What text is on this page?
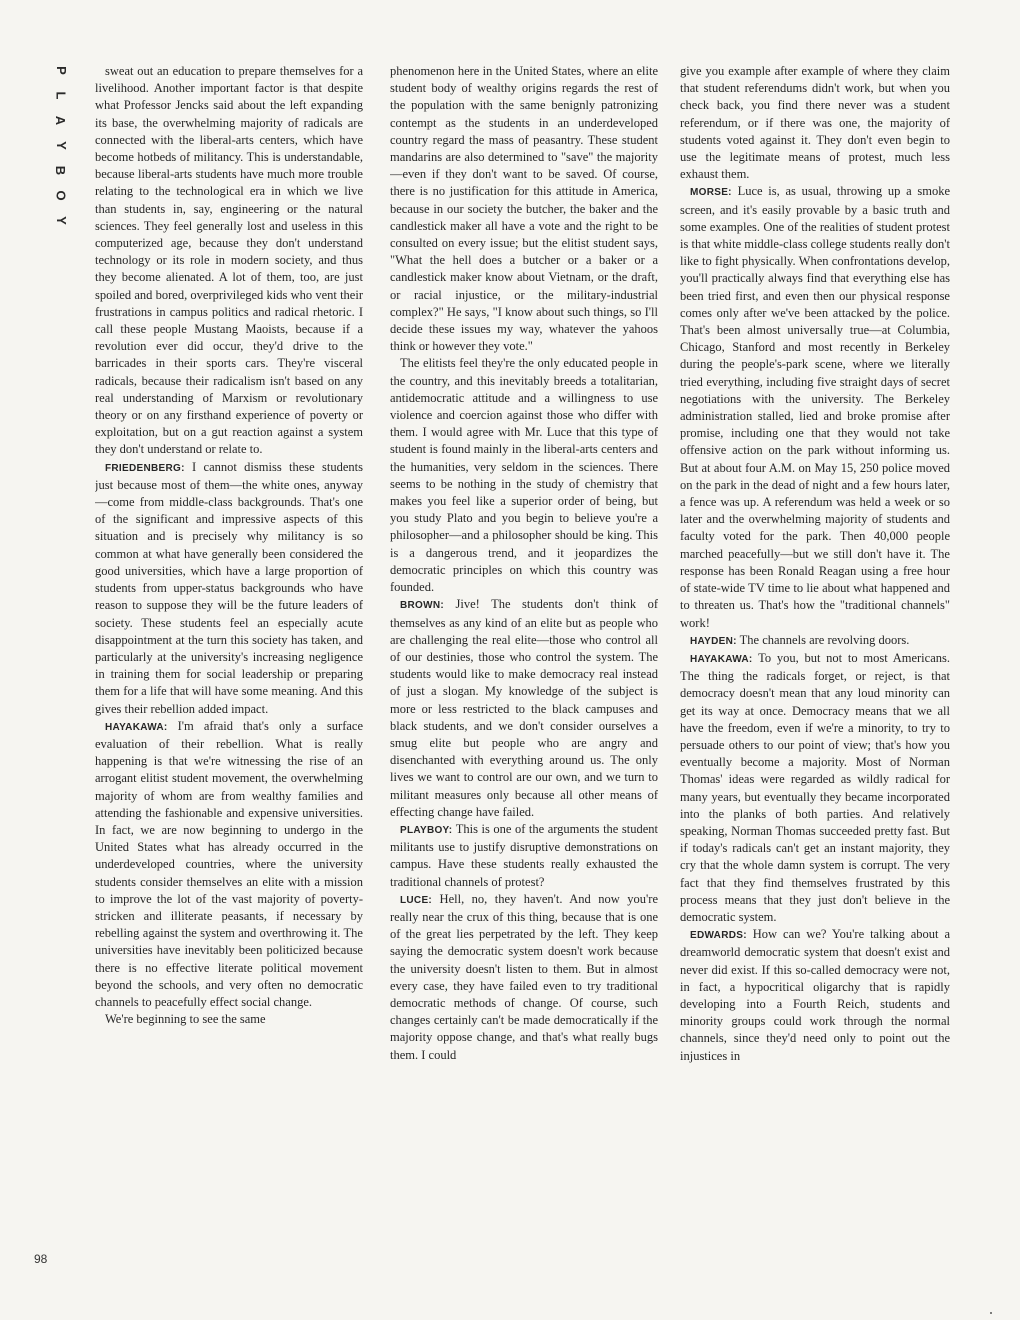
P
L
A
Y
B
O
Y
98

sweat out an education to prepare themselves for a livelihood. Another important factor is that despite what Professor Jencks said about the left expanding its base, the overwhelming majority of radicals are connected with the liberal-arts centers, which have become hotbeds of militancy. This is understandable, because liberal-arts students have much more trouble relating to the technological era in which we live than students in, say, engineering or the natural sciences. They feel generally lost and useless in this computerized age, because they don't understand technology or its role in modern society, and thus they become alienated. A lot of them, too, are just spoiled and bored, overprivileged kids who vent their frustrations in campus politics and radical rhetoric. I call these people Mustang Maoists, because if a revolution ever did occur, they'd drive to the barricades in their sports cars. They're visceral radicals, because their radicalism isn't based on any real understanding of Marxism or revolutionary theory or on any firsthand experience of poverty or exploitation, but on a gut reaction against a system they don't understand or relate to.

FRIEDENBERG: I cannot dismiss these students just because most of them—the white ones, anyway—come from middle-class backgrounds. That's one of the significant and impressive aspects of this situation and is precisely why militancy is so common at what have generally been considered the good universities, which have a large proportion of students from upper-status backgrounds who have reason to suppose they will be the future leaders of society. These students feel an especially acute disappointment at the turn this society has taken, and particularly at the university's increasing negligence in training them for social leadership or preparing them for a life that will have some meaning. And this gives their rebellion added impact.

HAYAKAWA: I'm afraid that's only a surface evaluation of their rebellion. What is really happening is that we're witnessing the rise of an arrogant elitist student movement, the overwhelming majority of whom are from wealthy families and attending the fashionable and expensive universities. In fact, we are now beginning to undergo in the United States what has already occurred in the underdeveloped countries, where the university students consider themselves an elite with a mission to improve the lot of the vast majority of poverty-stricken and illiterate peasants, if necessary by rebelling against the system and overthrowing it. The universities have inevitably been politicized because there is no effective literate political movement beyond the schools, and very often no democratic channels to peacefully effect social change.

We're beginning to see the same

phenomenon here in the United States, where an elite student body of wealthy origins regards the rest of the population with the same benignly patronizing contempt as the students in an underdeveloped country regard the mass of peasantry. These student mandarins are also determined to "save" the majority—even if they don't want to be saved. Of course, there is no justification for this attitude in America, because in our society the butcher, the baker and the candlestick maker all have a vote and the right to be consulted on every issue; but the elitist student says, "What the hell does a butcher or a baker or a candlestick maker know about Vietnam, or the draft, or racial injustice, or the military-industrial complex?" He says, "I know about such things, so I'll decide these issues my way, whatever the yahoos think or however they vote."

The elitists feel they're the only educated people in the country, and this inevitably breeds a totalitarian, antidemocratic attitude and a willingness to use violence and coercion against those who differ with them. I would agree with Mr. Luce that this type of student is found mainly in the liberal-arts centers and the humanities, very seldom in the sciences. There seems to be nothing in the study of chemistry that makes you feel like a superior order of being, but you study Plato and you begin to believe you're a philosopher—and a philosopher should be king. This is a dangerous trend, and it jeopardizes the democratic principles on which this country was founded.

BROWN: Jive! The students don't think of themselves as any kind of an elite but as people who are challenging the real elite—those who control all of our destinies, those who control the system. The students would like to make democracy real instead of just a slogan. My knowledge of the subject is more or less restricted to the black campuses and black students, and we don't consider ourselves a smug elite but people who are angry and disenchanted with everything around us. The only lives we want to control are our own, and we turn to militant measures only because all other means of effecting change have failed.

PLAYBOY: This is one of the arguments the student militants use to justify disruptive demonstrations on campus. Have these students really exhausted the traditional channels of protest?

LUCE: Hell, no, they haven't. And now you're really near the crux of this thing, because that is one of the great lies perpetrated by the left. They keep saying the democratic system doesn't work because the university doesn't listen to them. But in almost every case, they have failed even to try traditional democratic methods of change. Of course, such changes certainly can't be made democratically if the majority oppose change, and that's what really bugs them. I could

give you example after example of where they claim that student referendums didn't work, but when you check back, you find there never was a student referendum, or if there was one, the majority of students voted against it. They don't even begin to use the legitimate means of protest, much less exhaust them.

MORSE: Luce is, as usual, throwing up a smoke screen, and it's easily provable by a basic truth and some examples. One of the realities of student protest is that white middle-class college students really don't like to fight physically. When confrontations develop, you'll practically always find that everything else has been tried first, and even then our physical response comes only after we've been attacked by the police. That's been almost universally true—at Columbia, Chicago, Stanford and most recently in Berkeley during the people's-park scene, where we literally tried everything, including five straight days of secret negotiations with the university. The Berkeley administration stalled, lied and broke promise after promise, including one that they would not take offensive action on the park without informing us. But at about four A.M. on May 15, 250 police moved on the park in the dead of night and a few hours later, a fence was up. A referendum was held a week or so later and the overwhelming majority of students and faculty voted for the park. Then 40,000 people marched peacefully—but we still don't have it. The response has been Ronald Reagan using a free hour of state-wide TV time to lie about what happened and to threaten us. That's how the "traditional channels" work!

HAYDEN: The channels are revolving doors.

HAYAKAWA: To you, but not to most Americans. The thing the radicals forget, or reject, is that democracy doesn't mean that any loud minority can get its way at once. Democracy means that we all have the freedom, even if we're a minority, to try to persuade others to our point of view; that's how you eventually become a majority. Most of Norman Thomas' ideas were regarded as wildly radical for many years, but eventually they became incorporated into the planks of both parties. And relatively speaking, Norman Thomas succeeded pretty fast. But if today's radicals can't get an instant majority, they cry that the whole damn system is corrupt. The very fact that they find themselves frustrated by this process means that they just don't believe in the democratic system.

EDWARDS: How can we? You're talking about a dreamworld democratic system that doesn't exist and never did exist. If this so-called democracy were not, in fact, a hypocritical oligarchy that is rapidly developing into a Fourth Reich, students and minority groups could work through the normal channels, since they'd need only to point out the injustices in
